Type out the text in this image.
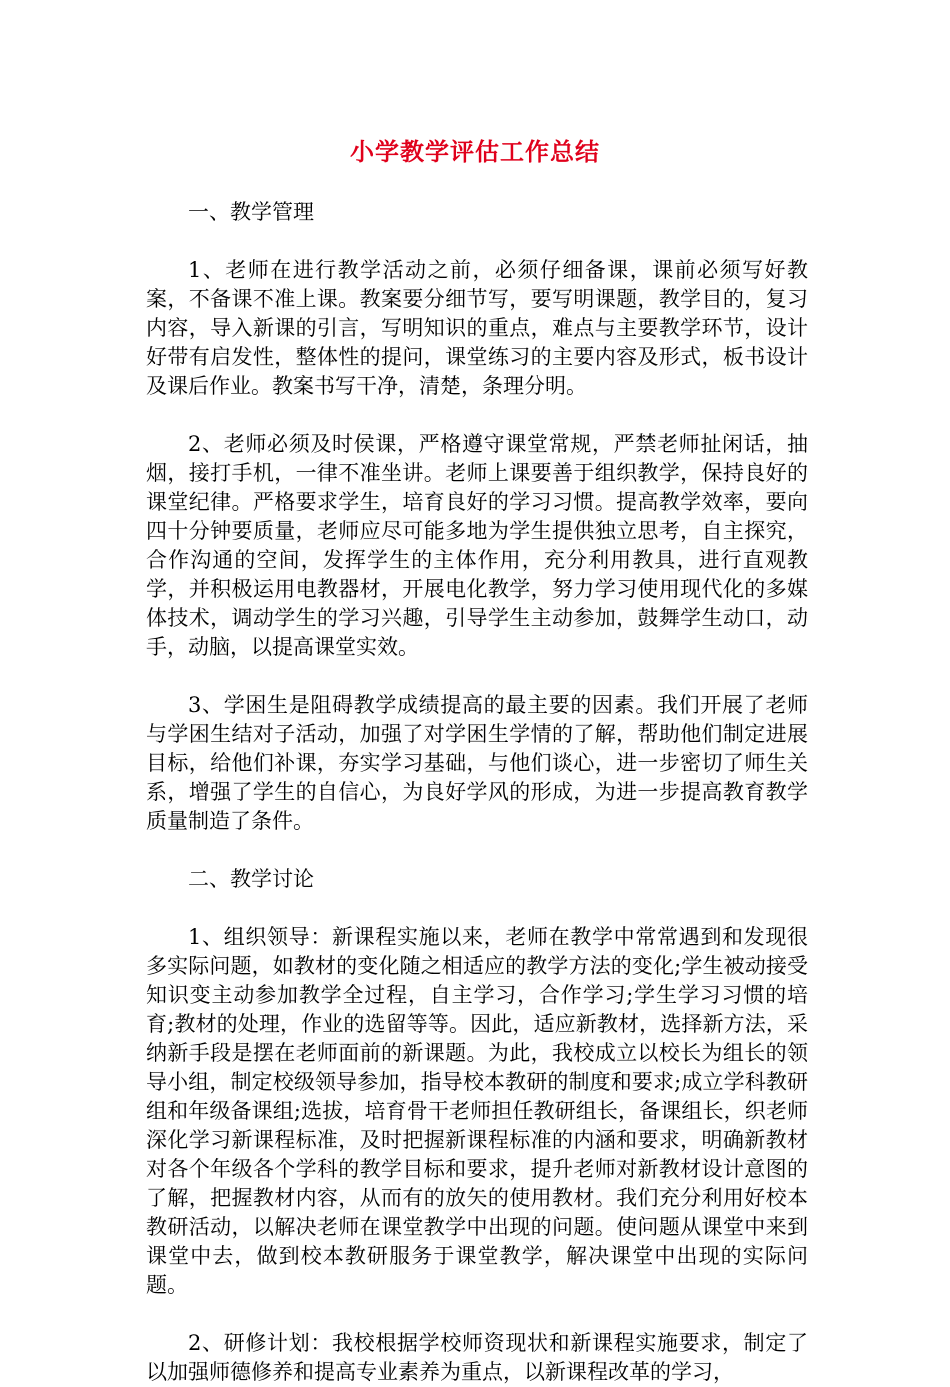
小学教学评估工作总结

一、教学管理

1、老师在进行教学活动之前，必须仔细备课，课前必须写好教案，不备课不准上课。教案要分细节写，要写明课题，教学目的，复习内容，导入新课的引言，写明知识的重点，难点与主要教学环节，设计好带有启发性，整体性的提问，课堂练习的主要内容及形式，板书设计及课后作业。教案书写干净，清楚，条理分明。

2、老师必须及时侯课，严格遵守课堂常规，严禁老师扯闲话，抽烟，接打手机，一律不准坐讲。老师上课要善于组织教学，保持良好的课堂纪律。严格要求学生，培育良好的学习习惯。提高教学效率，要向四十分钟要质量，老师应尽可能多地为学生提供独立思考，自主探究，合作沟通的空间，发挥学生的主体作用，充分利用教具，进行直观教学，并积极运用电教器材，开展电化教学，努力学习使用现代化的多媒体技术，调动学生的学习兴趣，引导学生主动参加，鼓舞学生动口，动手，动脑，以提高课堂实效。

3、学困生是阻碍教学成绩提高的最主要的因素。我们开展了老师与学困生结对子活动，加强了对学困生学情的了解，帮助他们制定进展目标，给他们补课，夯实学习基础，与他们谈心，进一步密切了师生关系，增强了学生的自信心，为良好学风的形成，为进一步提高教育教学质量制造了条件。

二、教学讨论

1、组织领导：新课程实施以来，老师在教学中常常遇到和发现很多实际问题，如教材的变化随之相适应的教学方法的变化;学生被动接受知识变主动参加教学全过程，自主学习，合作学习;学生学习习惯的培育;教材的处理，作业的选留等等。因此，适应新教材，选择新方法，采纳新手段是摆在老师面前的新课题。为此，我校成立以校长为组长的领导小组，制定校级领导参加，指导校本教研的制度和要求;成立学科教研组和年级备课组;选拔，培育骨干老师担任教研组长，备课组长，织老师深化学习新课程标准，及时把握新课程标准的内涵和要求，明确新教材对各个年级各个学科的教学目标和要求，提升老师对新教材设计意图的了解，把握教材内容，从而有的放矢的使用教材。我们充分利用好校本教研活动，以解决老师在课堂教学中出现的问题。使问题从课堂中来到课堂中去，做到校本教研服务于课堂教学，解决课堂中出现的实际问题。

2、研修计划：我校根据学校师资现状和新课程实施要求，制定了以加强师德修养和提高专业素养为重点，以新课程改革的学习，
